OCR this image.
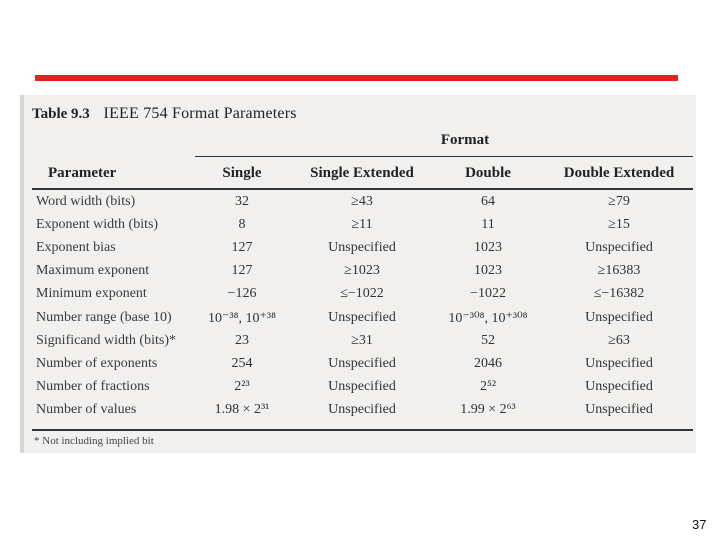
Table 9.3 IEEE 754 Format Parameters
Format
Parameter	Single	Single Extended	Double	Double Extended
Word width (bits)	32	≥43	64	≥79
Exponent width (bits)	8	≥11	11	≥15
Exponent bias	127	Unspecified	1023	Unspecified
Maximum exponent	127	≥1023	1023	≥16383
Minimum exponent	−126	≤−1022	−1022	≤−16382
Number range (base 10)	10⁻³⁸, 10⁺³⁸	Unspecified	10⁻³⁰⁸, 10⁺³⁰⁸	Unspecified
Significand width (bits)*	23	≥31	52	≥63
Number of exponents	254	Unspecified	2046	Unspecified
Number of fractions	2²³	Unspecified	2⁵²	Unspecified
Number of values	1.98 × 2³¹	Unspecified	1.99 × 2⁶³	Unspecified
* Not including implied bit
37
